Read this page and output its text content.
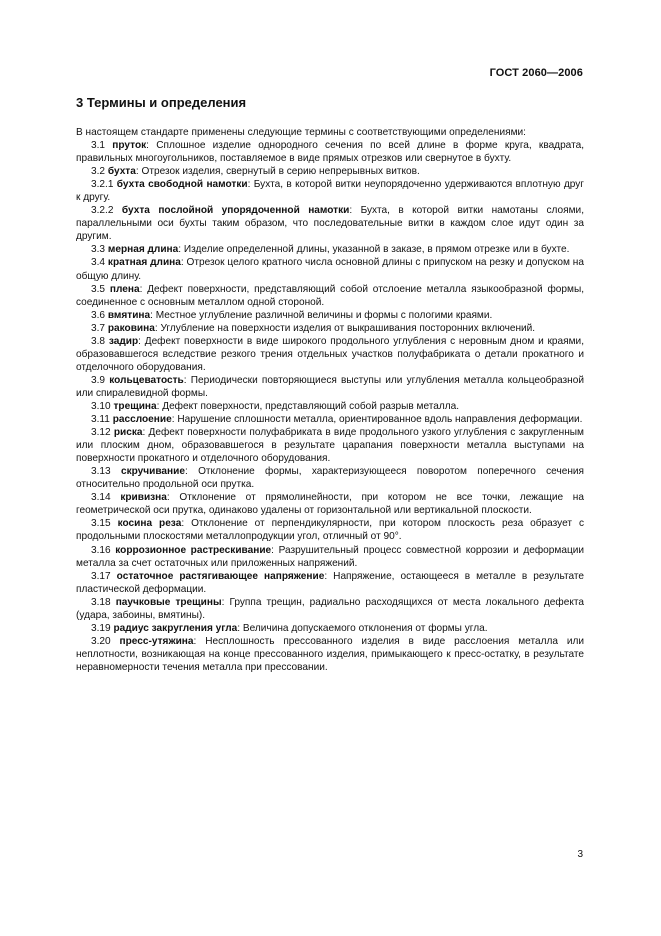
ГОСТ 2060—2006
3 Термины и определения

В настоящем стандарте применены следующие термины с соответствующими определениями:

3.1 пруток: Сплошное изделие однородного сечения по всей длине в форме круга, квадрата, правильных многоугольников, поставляемое в виде прямых отрезков или свернутое в бухту.

3.2 бухта: Отрезок изделия, свернутый в серию непрерывных витков.

3.2.1 бухта свободной намотки: Бухта, в которой витки неупорядоченно удерживаются вплотную друг к другу.

3.2.2 бухта послойной упорядоченной намотки: Бухта, в которой витки намотаны слоями, параллельными оси бухты таким образом, что последовательные витки в каждом слое идут один за другим.

3.3 мерная длина: Изделие определенной длины, указанной в заказе, в прямом отрезке или в бухте.

3.4 кратная длина: Отрезок целого кратного числа основной длины с припуском на резку и допуском на общую длину.

3.5 плена: Дефект поверхности, представляющий собой отслоение металла языкообразной формы, соединенное с основным металлом одной стороной.

3.6 вмятина: Местное углубление различной величины и формы с пологими краями.

3.7 раковина: Углубление на поверхности изделия от выкрашивания посторонних включений.

3.8 задир: Дефект поверхности в виде широкого продольного углубления с неровным дном и краями, образовавшегося вследствие резкого трения отдельных участков полуфабриката о детали прокатного и отделочного оборудования.

3.9 кольцеватость: Периодически повторяющиеся выступы или углубления металла кольцеобразной или спиралевидной формы.

3.10 трещина: Дефект поверхности, представляющий собой разрыв металла.

3.11 расслоение: Нарушение сплошности металла, ориентированное вдоль направления деформации.

3.12 риска: Дефект поверхности полуфабриката в виде продольного узкого углубления с закругленным или плоским дном, образовавшегося в результате царапания поверхности металла выступами на поверхности прокатного и отделочного оборудования.

3.13 скручивание: Отклонение формы, характеризующееся поворотом поперечного сечения относительно продольной оси прутка.

3.14 кривизна: Отклонение от прямолинейности, при котором не все точки, лежащие на геометрической оси прутка, одинаково удалены от горизонтальной или вертикальной плоскости.

3.15 косина реза: Отклонение от перпендикулярности, при котором плоскость реза образует с продольными плоскостями металлопродукции угол, отличный от 90°.

3.16 коррозионное растрескивание: Разрушительный процесс совместной коррозии и деформации металла за счет остаточных или приложенных напряжений.

3.17 остаточное растягивающее напряжение: Напряжение, остающееся в металле в результате пластической деформации.

3.18 паучковые трещины: Группа трещин, радиально расходящихся от места локального дефекта (удара, забоины, вмятины).

3.19 радиус закругления угла: Величина допускаемого отклонения от формы угла.

3.20 пресс-утяжина: Несплошность прессованного изделия в виде расслоения металла или неплотности, возникающая на конце прессованного изделия, примыкающего к пресс-остатку, в результате неравномерности течения металла при прессовании.

3
